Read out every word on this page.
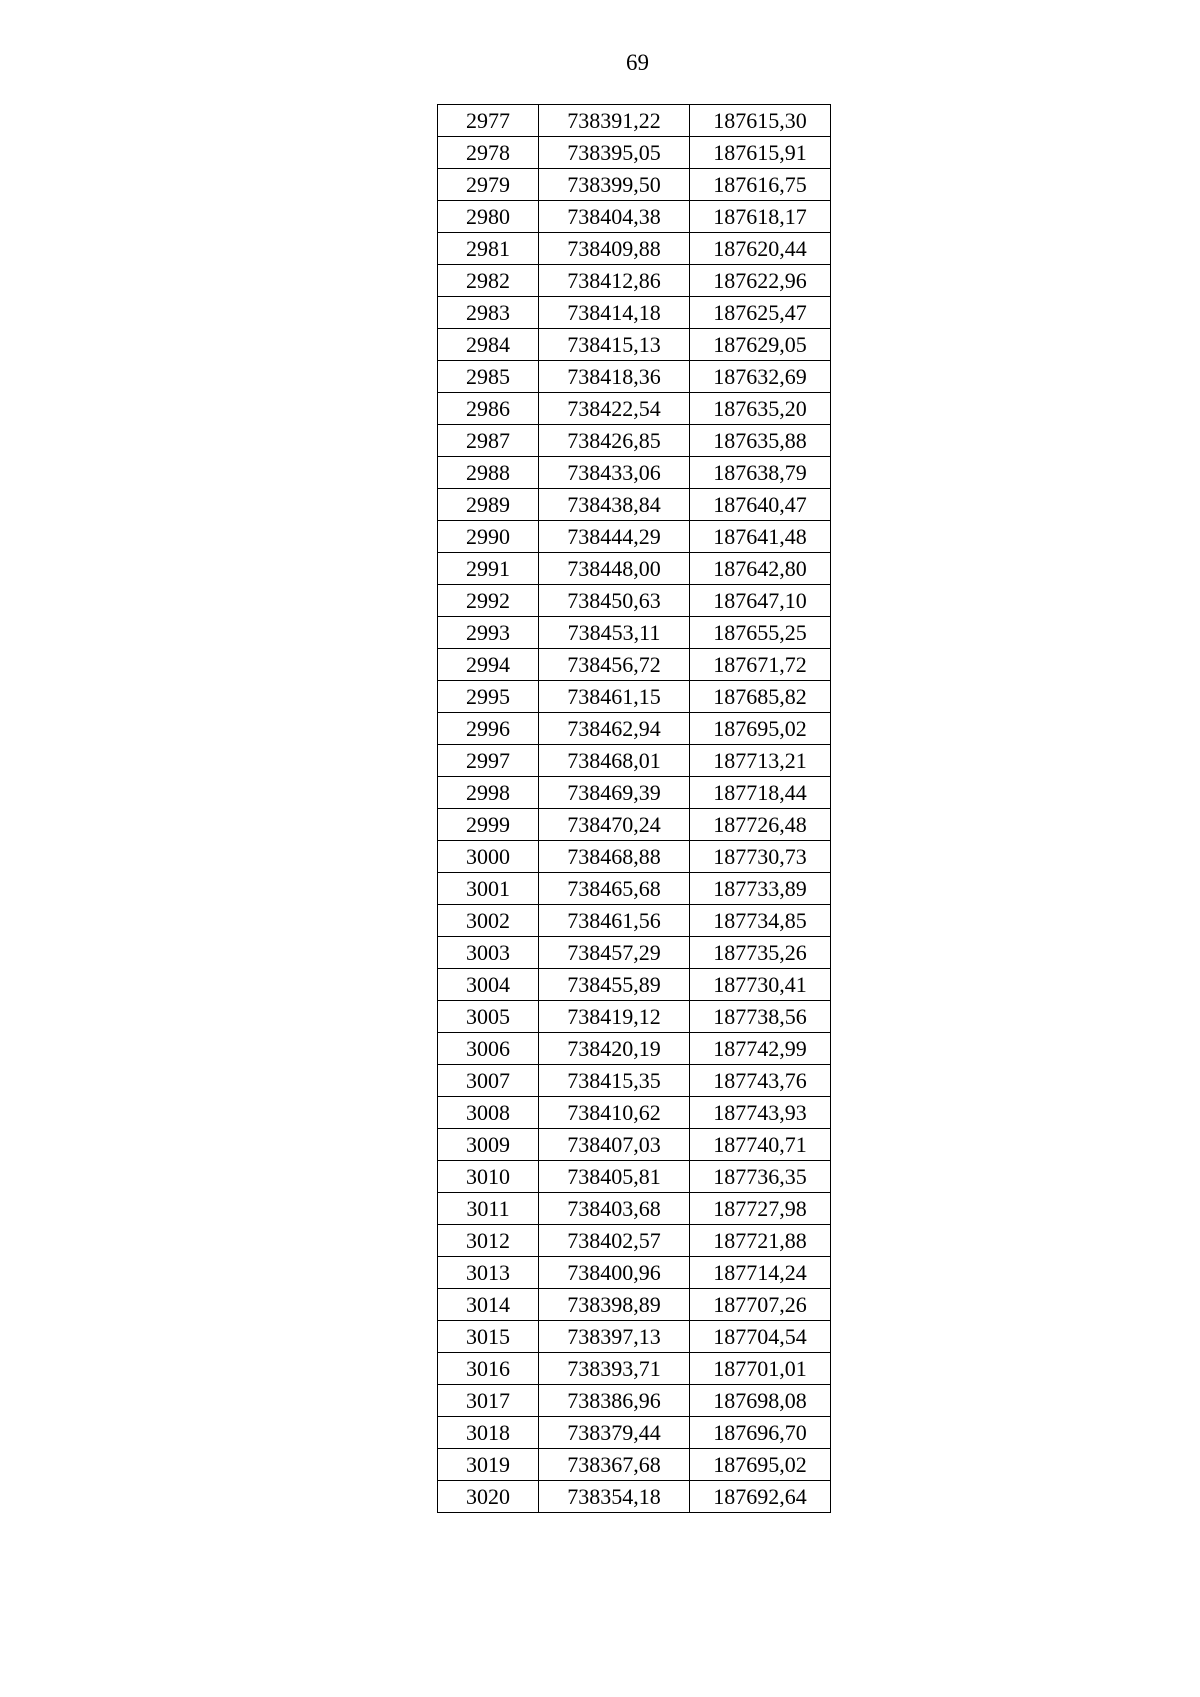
69
2977	738391,22	187615,30
2978	738395,05	187615,91
2979	738399,50	187616,75
2980	738404,38	187618,17
2981	738409,88	187620,44
2982	738412,86	187622,96
2983	738414,18	187625,47
2984	738415,13	187629,05
2985	738418,36	187632,69
2986	738422,54	187635,20
2987	738426,85	187635,88
2988	738433,06	187638,79
2989	738438,84	187640,47
2990	738444,29	187641,48
2991	738448,00	187642,80
2992	738450,63	187647,10
2993	738453,11	187655,25
2994	738456,72	187671,72
2995	738461,15	187685,82
2996	738462,94	187695,02
2997	738468,01	187713,21
2998	738469,39	187718,44
2999	738470,24	187726,48
3000	738468,88	187730,73
3001	738465,68	187733,89
3002	738461,56	187734,85
3003	738457,29	187735,26
3004	738455,89	187730,41
3005	738419,12	187738,56
3006	738420,19	187742,99
3007	738415,35	187743,76
3008	738410,62	187743,93
3009	738407,03	187740,71
3010	738405,81	187736,35
3011	738403,68	187727,98
3012	738402,57	187721,88
3013	738400,96	187714,24
3014	738398,89	187707,26
3015	738397,13	187704,54
3016	738393,71	187701,01
3017	738386,96	187698,08
3018	738379,44	187696,70
3019	738367,68	187695,02
3020	738354,18	187692,64
